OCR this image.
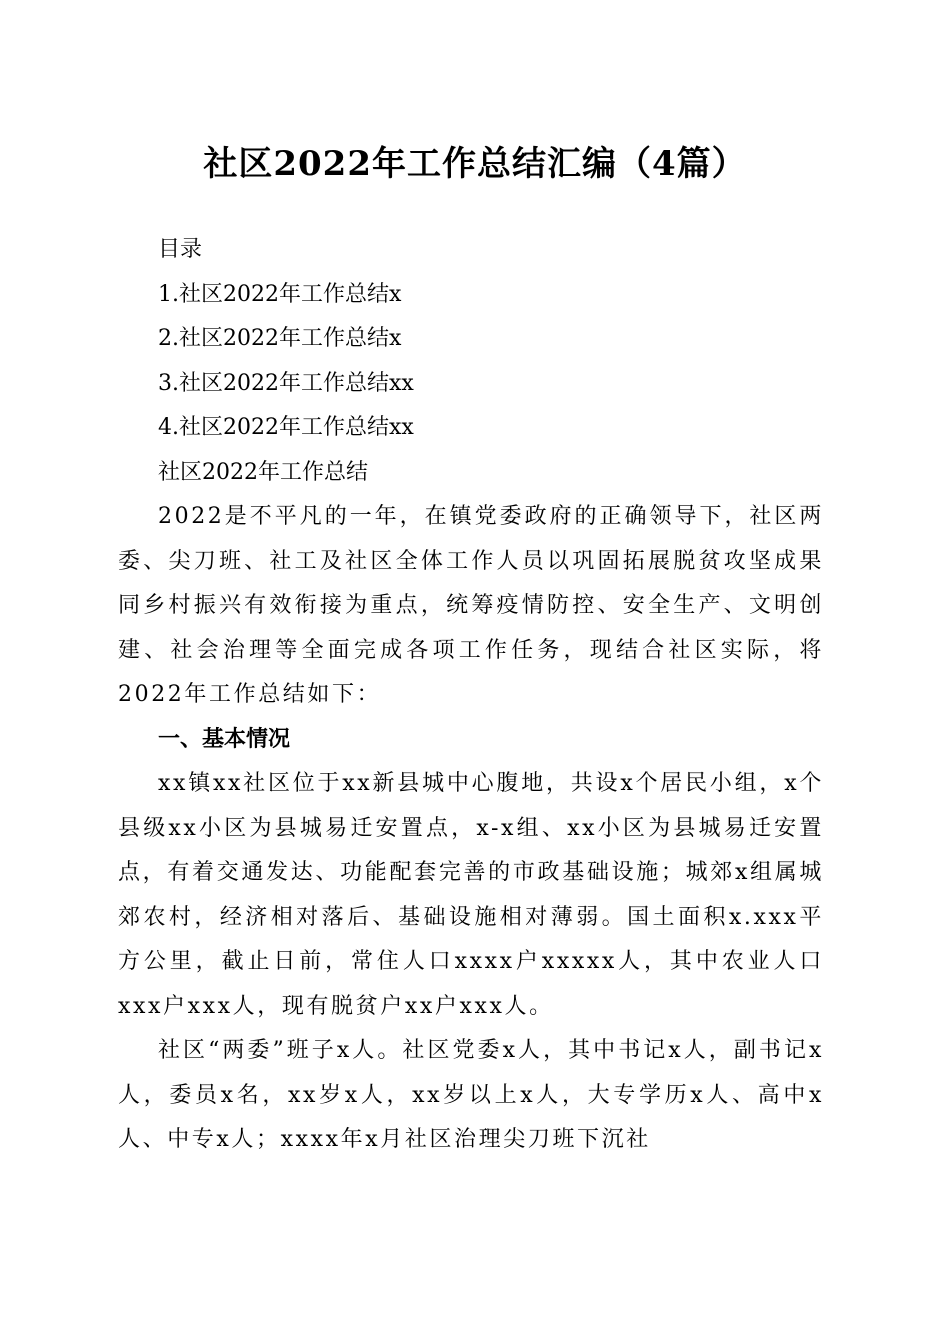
社区2022年工作总结汇编（4篇）

目录

1.社区2022年工作总结x

2.社区2022年工作总结x

3.社区2022年工作总结xx

4.社区2022年工作总结xx

社区2022年工作总结

2022是不平凡的一年，在镇党委政府的正确领导下，社区两委、尖刀班、社工及社区全体工作人员以巩固拓展脱贫攻坚成果同乡村振兴有效衔接为重点，统筹疫情防控、安全生产、文明创建、社会治理等全面完成各项工作任务，现结合社区实际，将2022年工作总结如下：

一、基本情况

xx镇xx社区位于xx新县城中心腹地，共设x个居民小组，x个县级xx小区为县城易迁安置点，x-x组、xx小区为县城易迁安置点，有着交通发达、功能配套完善的市政基础设施；城郊x组属城郊农村，经济相对落后、基础设施相对薄弱。国土面积x.xxx平方公里，截止日前，常住人口xxxx户xxxxx人，其中农业人口xxx户xxx人，现有脱贫户xx户xxx人。

社区“两委”班子x人。社区党委x人，其中书记x人，副书记x人，委员x名，xx岁x人，xx岁以上x人，大专学历x人、高中x人、中专x人；xxxx年x月社区治理尖刀班下沉社
